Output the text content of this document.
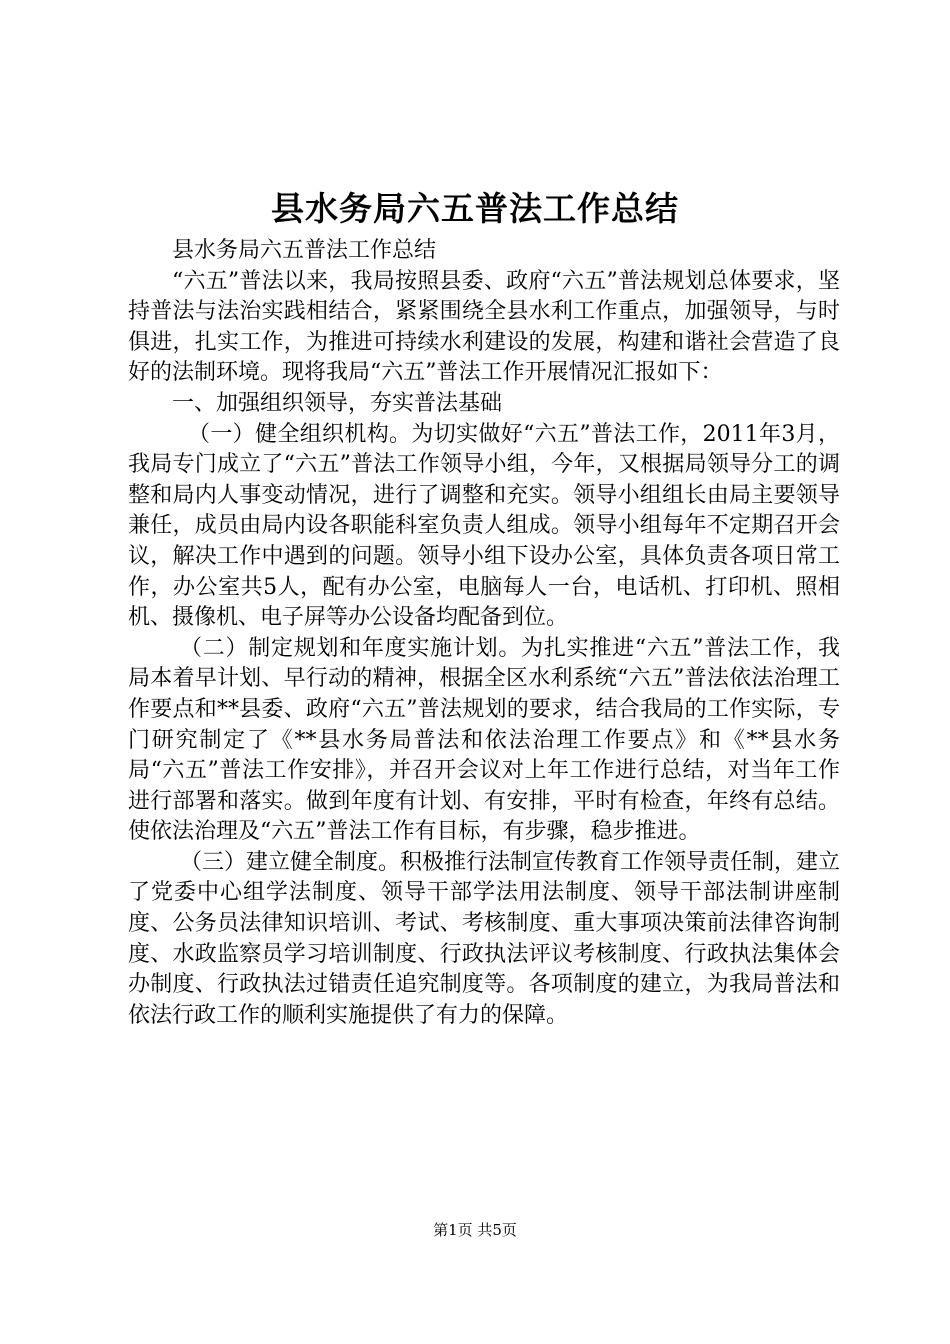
县水务局六五普法工作总结

县水务局六五普法工作总结

“六五”普法以来，我局按照县委、政府“六五”普法规划总体要求，坚持普法与法治实践相结合，紧紧围绕全县水利工作重点，加强领导，与时俱进，扎实工作，为推进可持续水利建设的发展，构建和谐社会营造了良好的法制环境。现将我局“六五”普法工作开展情况汇报如下：

一、加强组织领导，夯实普法基础

（一）健全组织机构。为切实做好“六五”普法工作，2011年3月，我局专门成立了“六五”普法工作领导小组，今年，又根据局领导分工的调整和局内人事变动情况，进行了调整和充实。领导小组组长由局主要领导兼任，成员由局内设各职能科室负责人组成。领导小组每年不定期召开会议，解决工作中遇到的问题。领导小组下设办公室，具体负责各项日常工作，办公室共5人，配有办公室，电脑每人一台，电话机、打印机、照相机、摄像机、电子屏等办公设备均配备到位。

（二）制定规划和年度实施计划。为扎实推进“六五”普法工作，我局本着早计划、早行动的精神，根据全区水利系统“六五”普法依法治理工作要点和**县委、政府“六五”普法规划的要求，结合我局的工作实际，专门研究制定了《**县水务局普法和依法治理工作要点》和《**县水务局“六五”普法工作安排》，并召开会议对上年工作进行总结，对当年工作进行部署和落实。做到年度有计划、有安排，平时有检查，年终有总结。使依法治理及“六五”普法工作有目标，有步骤，稳步推进。

（三）建立健全制度。积极推行法制宣传教育工作领导责任制，建立了党委中心组学法制度、领导干部学法用法制度、领导干部法制讲座制度、公务员法律知识培训、考试、考核制度、重大事项决策前法律咨询制度、水政监察员学习培训制度、行政执法评议考核制度、行政执法集体会办制度、行政执法过错责任追究制度等。各项制度的建立，为我局普法和依法行政工作的顺利实施提供了有力的保障。

第1页 共5页
